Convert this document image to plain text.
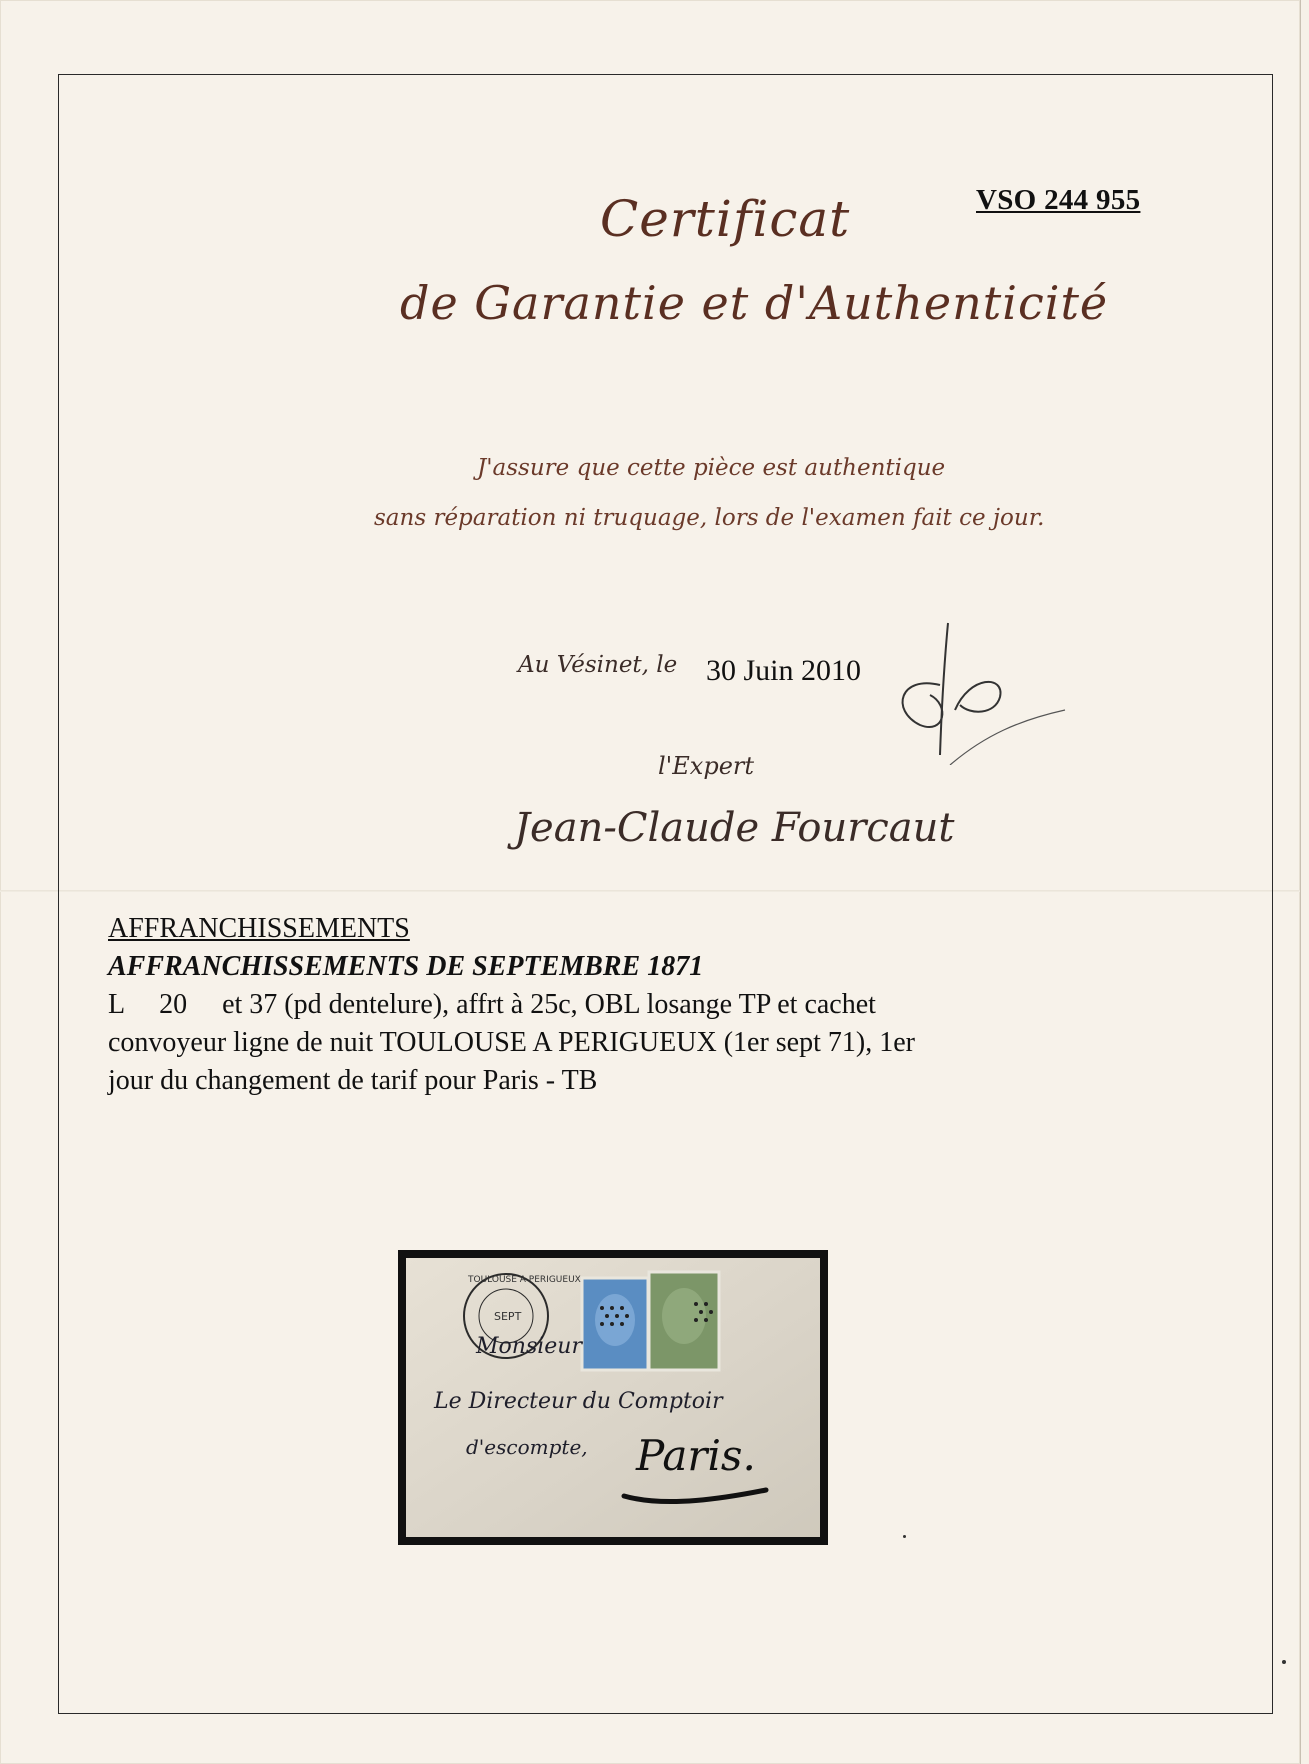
VSO 244 955
Certificat
de Garantie et d'Authenticité
J'assure que cette pièce est authentique
sans réparation ni truquage, lors de l'examen fait ce jour.
Au Vésinet, le 30 Juin 2010
l'Expert
Jean-Claude Fourcaut
AFFRANCHISSEMENTS
AFFRANCHISSEMENTS DE SEPTEMBRE 1871
L     20     et 37 (pd dentelure), affrt à 25c, OBL losange TP et cachet
convoyeur ligne de nuit TOULOUSE A PERIGUEUX (1er sept 71), 1er
jour du changement de tarif pour Paris - TB
TOULOUSE A PERIGUEUX
SEPT
Monsieur
Le Directeur du Comptoir
d'escompte, Paris.
